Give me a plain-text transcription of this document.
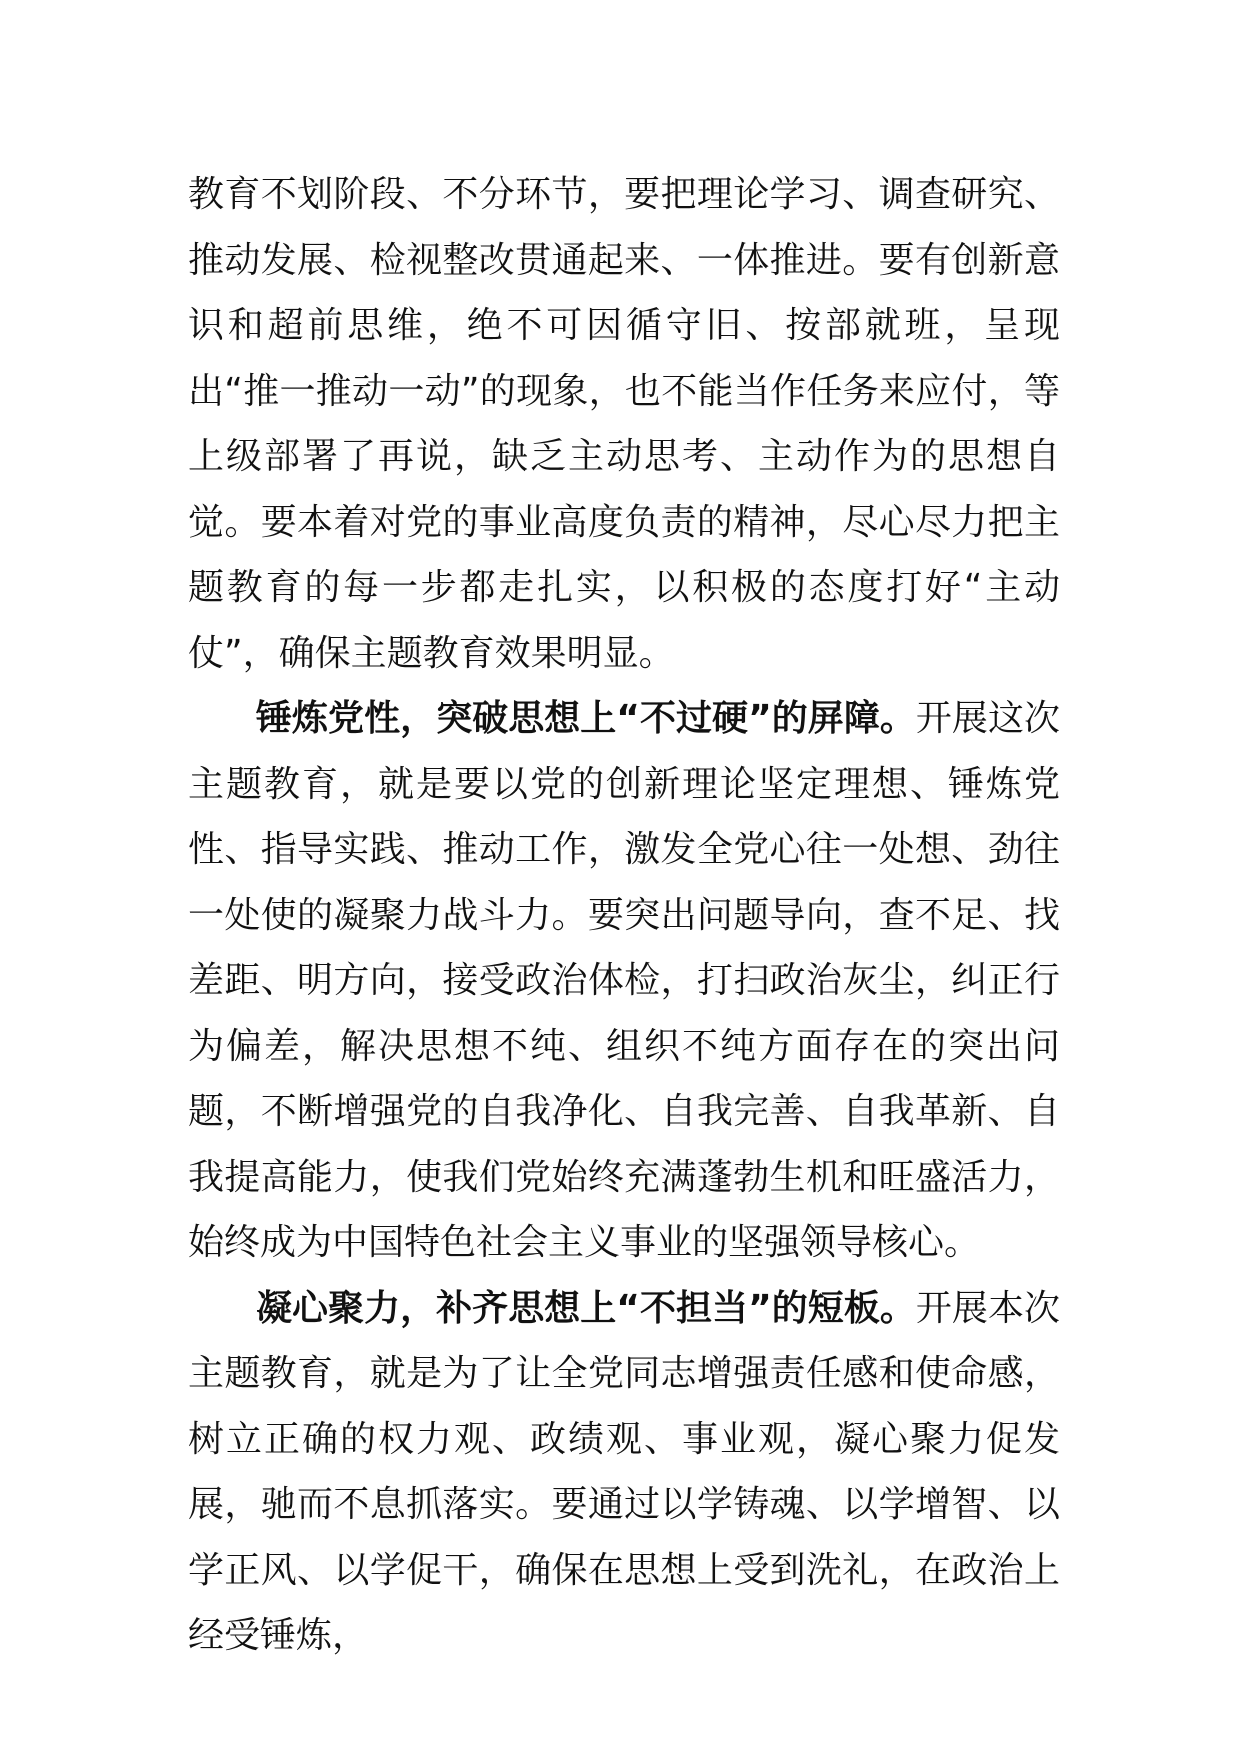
教育不划阶段、不分环节，要把理论学习、调查研究、推动发展、检视整改贯通起来、一体推进。要有创新意识和超前思维，绝不可因循守旧、按部就班，呈现出“推一推动一动”的现象，也不能当作任务来应付，等上级部署了再说，缺乏主动思考、主动作为的思想自觉。要本着对党的事业高度负责的精神，尽心尽力把主题教育的每一步都走扎实，以积极的态度打好“主动仗”，确保主题教育效果明显。

锤炼党性，突破思想上“不过硬”的屏障。开展这次主题教育，就是要以党的创新理论坚定理想、锤炼党性、指导实践、推动工作，激发全党心往一处想、劲往一处使的凝聚力战斗力。要突出问题导向，查不足、找差距、明方向，接受政治体检，打扫政治灰尘，纠正行为偏差，解决思想不纯、组织不纯方面存在的突出问题，不断增强党的自我净化、自我完善、自我革新、自我提高能力，使我们党始终充满蓬勃生机和旺盛活力，始终成为中国特色社会主义事业的坚强领导核心。

凝心聚力，补齐思想上“不担当”的短板。开展本次主题教育，就是为了让全党同志增强责任感和使命感，树立正确的权力观、政绩观、事业观，凝心聚力促发展，驰而不息抓落实。要通过以学铸魂、以学增智、以学正风、以学促干，确保在思想上受到洗礼，在政治上经受锤炼，
